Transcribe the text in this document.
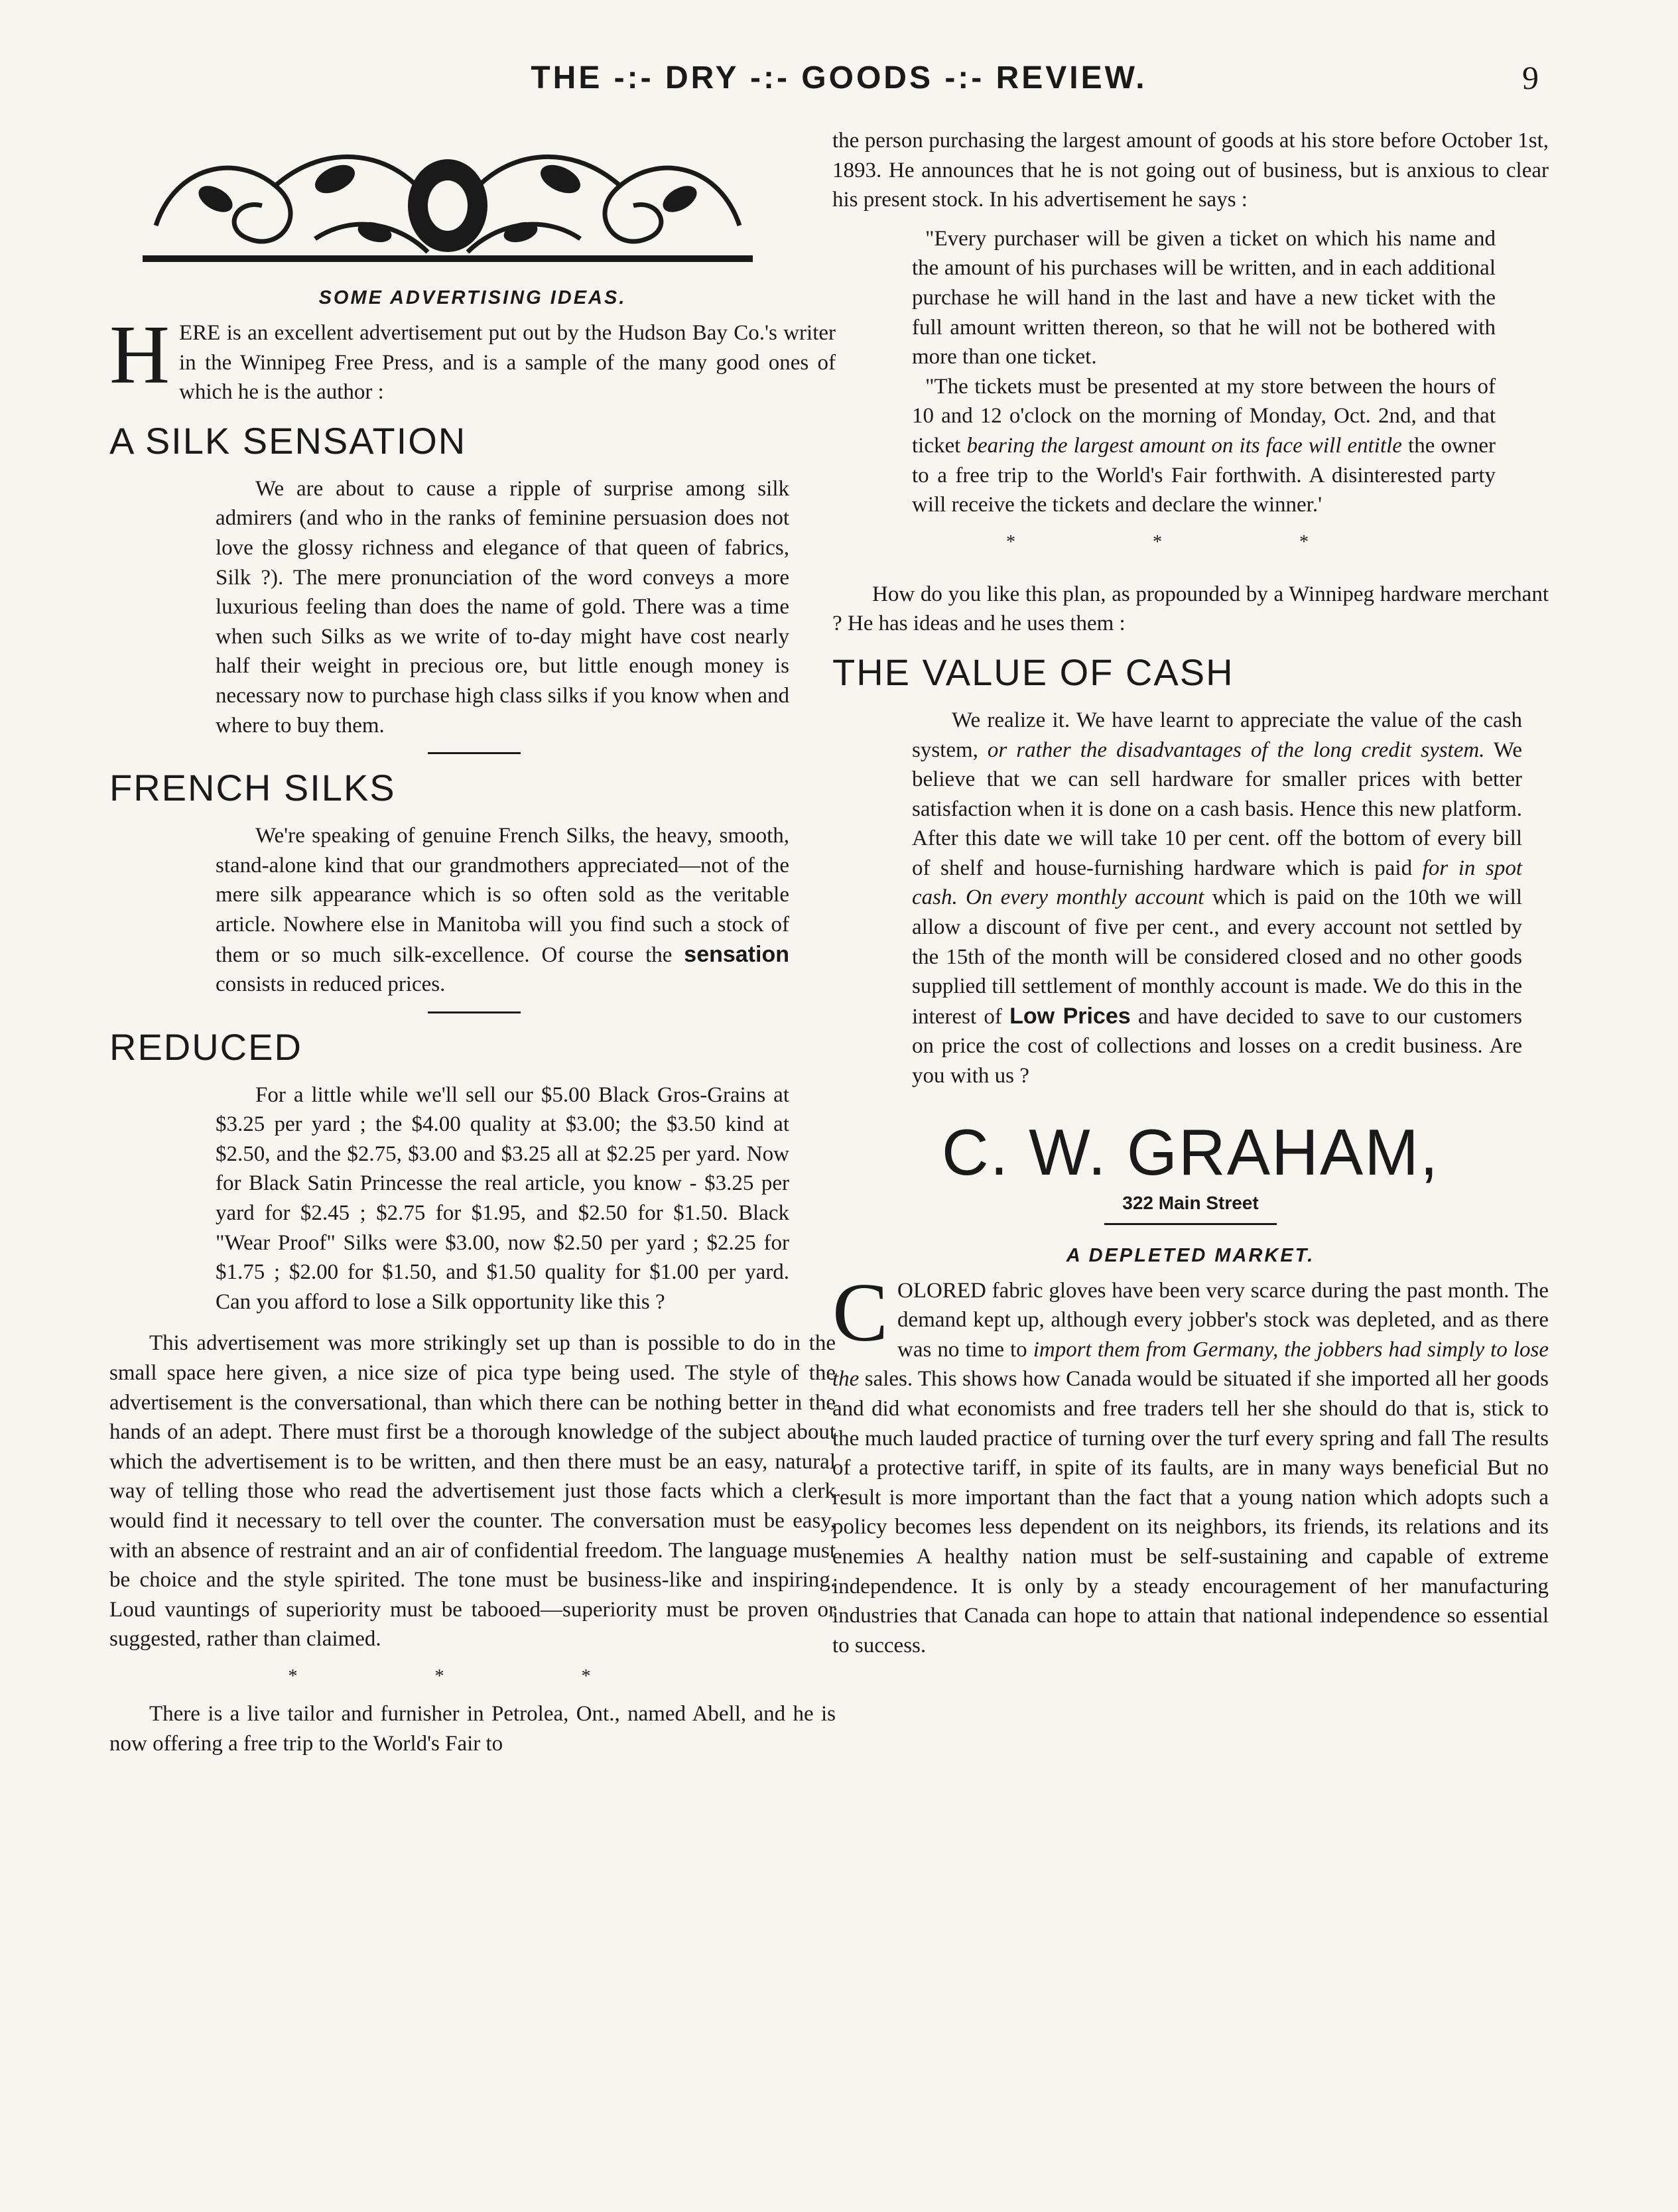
THE -:- DRY -:- GOODS -:- REVIEW.	9
SOME ADVERTISING IDEAS.

HERE is an excellent advertisement put out by the Hudson Bay Co.'s writer in the Winnipeg Free Press, and is a sample of the many good ones of which he is the author :

A SILK SENSATION

We are about to cause a ripple of surprise among silk admirers (and who in the ranks of feminine persuasion does not love the glossy richness and elegance of that queen of fabrics, Silk ?). The mere pronunciation of the word conveys a more luxurious feeling than does the name of gold. There was a time when such Silks as we write of to-day might have cost nearly half their weight in precious ore, but little enough money is necessary now to purchase high class silks if you know when and where to buy them.

FRENCH SILKS

We're speaking of genuine French Silks, the heavy, smooth, stand-alone kind that our grandmothers appreciated—not of the mere silk appearance which is so often sold as the veritable article. Nowhere else in Manitoba will you find such a stock of them or so much silk-excellence. Of course the sensation consists in reduced prices.

REDUCED

For a little while we'll sell our $5.00 Black Gros-Grains at $3.25 per yard ; the $4.00 quality at $3.00; the $3.50 kind at $2.50, and the $2.75, $3.00 and $3.25 all at $2.25 per yard. Now for Black Satin Princesse the real article, you know - $3.25 per yard for $2.45 ; $2.75 for $1.95, and $2.50 for $1.50. Black "Wear Proof" Silks were $3.00, now $2.50 per yard ; $2.25 for $1.75 ; $2.00 for $1.50, and $1.50 quality for $1.00 per yard. Can you afford to lose a Silk opportunity like this ?

This advertisement was more strikingly set up than is possible to do in the small space here given, a nice size of pica type being used. The style of the advertisement is the conversational, than which there can be nothing better in the hands of an adept. There must first be a thorough knowledge of the subject about which the advertisement is to be written, and then there must be an easy, natural way of telling those who read the advertisement just those facts which a clerk would find it necessary to tell over the counter. The conversation must be easy, with an absence of restraint and an air of confidential freedom. The language must be choice and the style spirited. The tone must be business-like and inspiring. Loud vauntings of superiority must be tabooed—superiority must be proven or suggested, rather than claimed.

* * *

There is a live tailor and furnisher in Petrolea, Ont., named Abell, and he is now offering a free trip to the World's Fair to

the person purchasing the largest amount of goods at his store before October 1st, 1893. He announces that he is not going out of business, but is anxious to clear his present stock. In his advertisement he says :

"Every purchaser will be given a ticket on which his name and the amount of his purchases will be written, and in each additional purchase he will hand in the last and have a new ticket with the full amount written thereon, so that he will not be bothered with more than one ticket.

"The tickets must be presented at my store between the hours of 10 and 12 o'clock on the morning of Monday, Oct. 2nd, and that ticket bearing the largest amount on its face will entitle the owner to a free trip to the World's Fair forthwith. A disinterested party will receive the tickets and declare the winner.'

* * *

How do you like this plan, as propounded by a Winnipeg hardware merchant ? He has ideas and he uses them :

THE VALUE OF CASH

We realize it. We have learnt to appreciate the value of the cash system, or rather the disadvantages of the long credit system. We believe that we can sell hardware for smaller prices with better satisfaction when it is done on a cash basis. Hence this new platform. After this date we will take 10 per cent. off the bottom of every bill of shelf and house-furnishing hardware which is paid for in spot cash. On every monthly account which is paid on the 10th we will allow a discount of five per cent., and every account not settled by the 15th of the month will be considered closed and no other goods supplied till settlement of monthly account is made. We do this in the interest of Low Prices and have decided to save to our customers on price the cost of collections and losses on a credit business. Are you with us ?

C. W. GRAHAM,
322 Main Street
A DEPLETED MARKET.

COLORED fabric gloves have been very scarce during the past month. The demand kept up, although every jobber's stock was depleted, and as there was no time to import them from Germany, the jobbers had simply to lose the sales. This shows how Canada would be situated if she imported all her goods and did what economists and free traders tell her she should do that is, stick to the much lauded practice of turning over the turf every spring and fall The results of a protective tariff, in spite of its faults, are in many ways beneficial But no result is more important than the fact that a young nation which adopts such a policy becomes less dependent on its neighbors, its friends, its relations and its enemies A healthy nation must be self-sustaining and capable of extreme independence. It is only by a steady encouragement of her manufacturing industries that Canada can hope to attain that national independence so essential to success.
